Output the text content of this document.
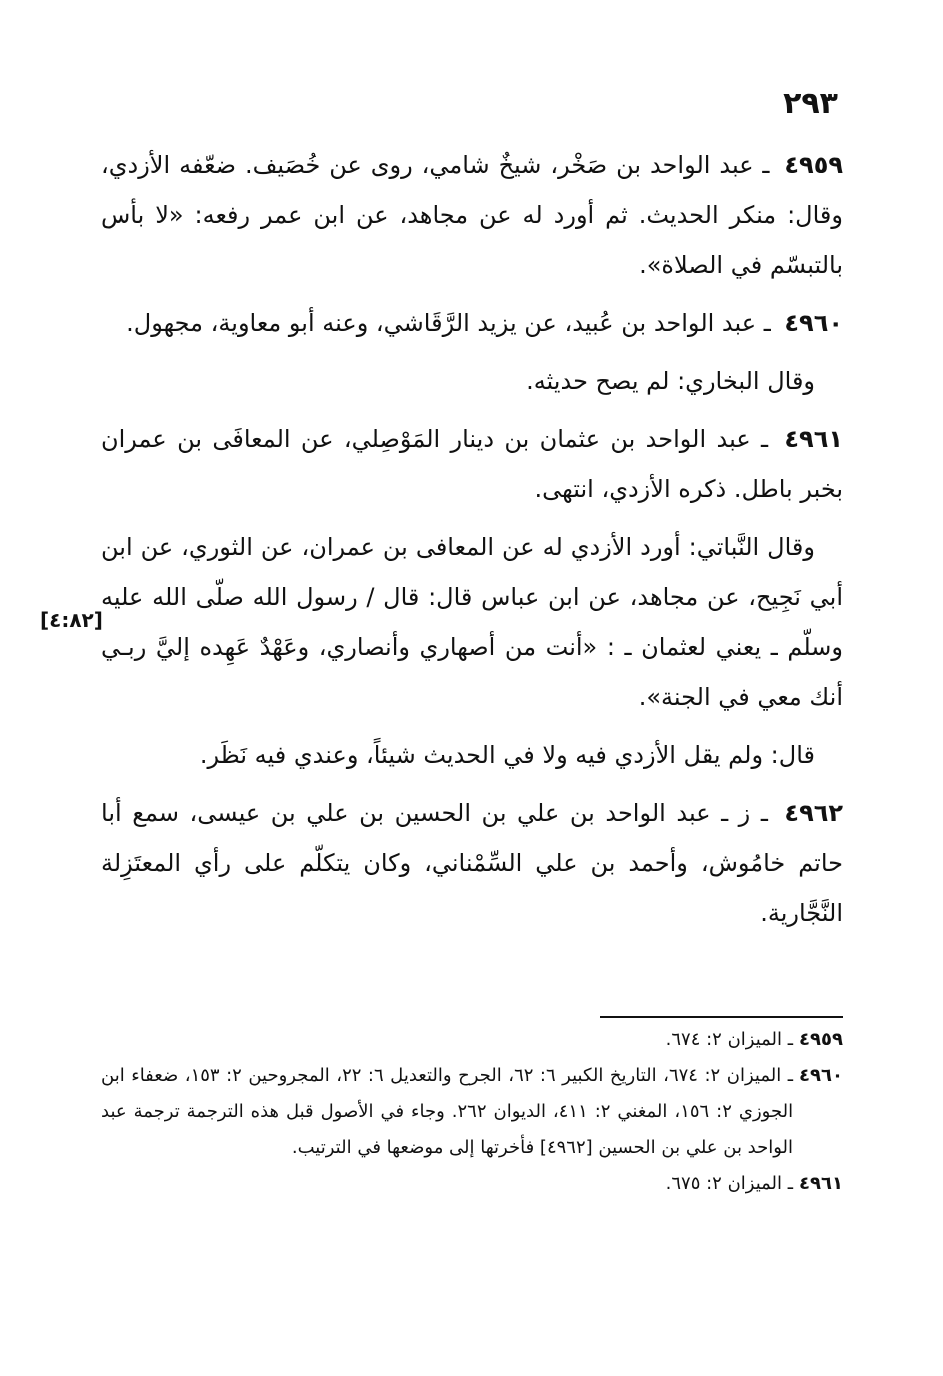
٢٩٣

٤٩٥٩ ـ عبد الواحد بن صَخْر، شيخٌ شامي، روى عن خُصَيف. ضعّفه الأزدي، وقال: منكر الحديث. ثم أورد له عن مجاهد، عن ابن عمر رفعه: «لا بأس بالتبسّم في الصلاة».

٤٩٦٠ ـ عبد الواحد بن عُبيد، عن يزيد الرَّقَاشي، وعنه أبو معاوية، مجهول.

وقال البخاري: لم يصح حديثه.

٤٩٦١ ـ عبد الواحد بن عثمان بن دينار المَوْصِلي، عن المعافَى بن عمران بخبر باطل. ذكره الأزدي، انتهى.

وقال النَّباتي: أورد الأزدي له عن المعافى بن عمران، عن الثوري، عن ابن أبي نَجِيح، عن مجاهد، عن ابن عباس قال: قال / رسول الله صلّى الله عليه وسلّم ـ يعني لعثمان ـ : «أنت من أصهاري وأنصاري، وعَهْدٌ عَهِده إليَّ ربـي أنك معي في الجنة».

قال: ولم يقل الأزدي فيه ولا في الحديث شيئاً، وعندي فيه نَظَر.

٤٩٦٢ ـ ز ـ عبد الواحد بن علي بن الحسين بن علي بن عيسى، سمع أبا حاتم خامُوش، وأحمد بن علي السِّمْناني، وكان يتكلّم على رأي المعتَزِلة النَّجَّارية.

[٤:٨٢]
٤٩٥٩
ـ الميزان ٢: ٦٧٤.
٤٩٦٠
ـ الميزان ٢: ٦٧٤، التاريخ الكبير ٦: ٦٢، الجرح والتعديل ٦: ٢٢، المجروحين ٢: ١٥٣، ضعفاء ابن الجوزي ٢: ١٥٦، المغني ٢: ٤١١، الديوان ٢٦٢. وجاء في الأصول قبل هذه الترجمة ترجمة عبد الواحد بن علي بن الحسين [٤٩٦٢] فأخرتها إلى موضعها في الترتيب.
٤٩٦١
ـ الميزان ٢: ٦٧٥.
